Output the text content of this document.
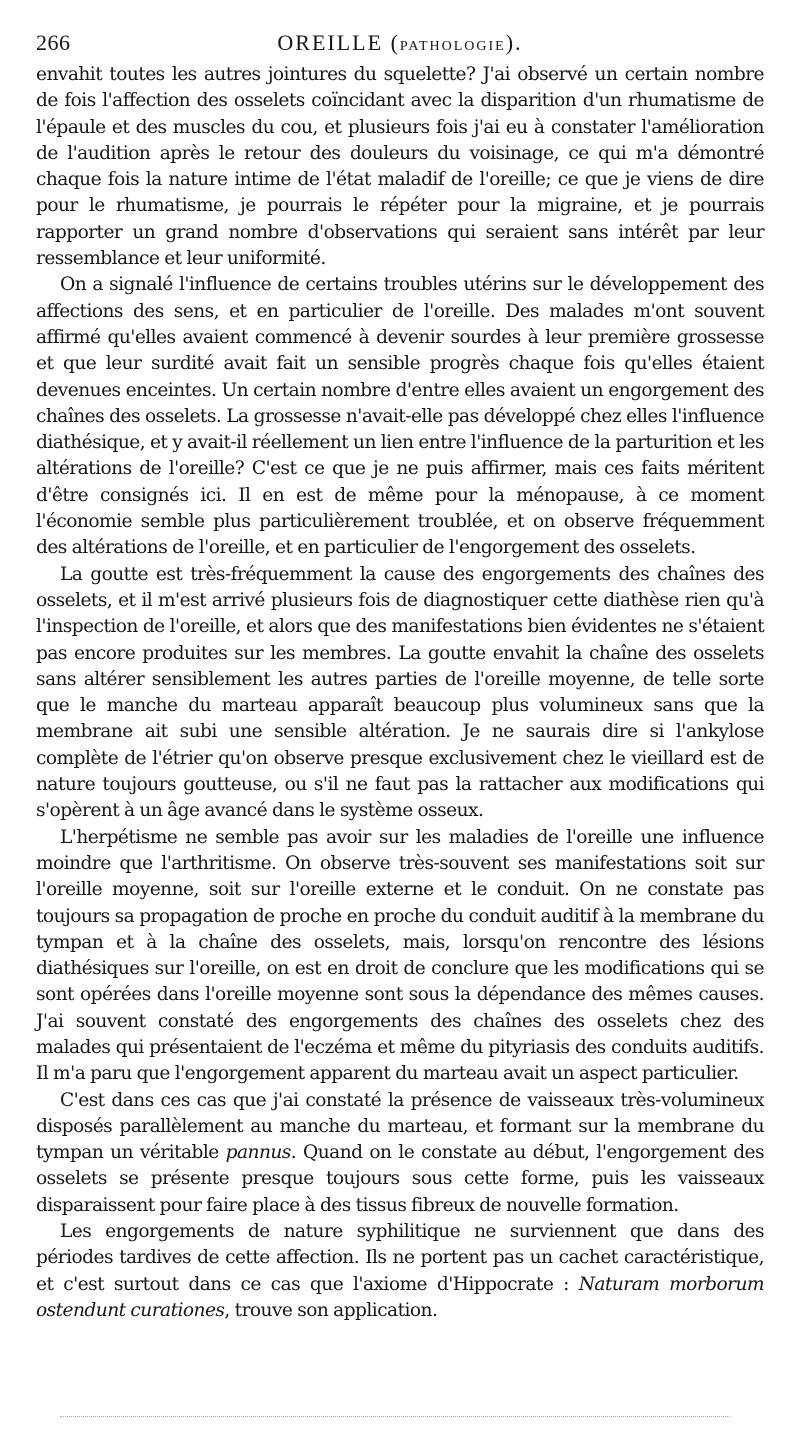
266	OREILLE (PATHOLOGIE).

envahit toutes les autres jointures du squelette? J'ai observé un certain nombre de fois l'affection des osselets coïncidant avec la disparition d'un rhumatisme de l'épaule et des muscles du cou, et plusieurs fois j'ai eu à constater l'amélioration de l'audition après le retour des douleurs du voisinage, ce qui m'a démontré chaque fois la nature intime de l'état maladif de l'oreille; ce que je viens de dire pour le rhumatisme, je pourrais le répéter pour la migraine, et je pourrais rapporter un grand nombre d'observations qui seraient sans intérêt par leur ressemblance et leur uniformité.

On a signalé l'influence de certains troubles utérins sur le développement des affections des sens, et en particulier de l'oreille. Des malades m'ont souvent affirmé qu'elles avaient commencé à devenir sourdes à leur première grossesse et que leur surdité avait fait un sensible progrès chaque fois qu'elles étaient devenues enceintes. Un certain nombre d'entre elles avaient un engorgement des chaînes des osselets. La grossesse n'avait-elle pas développé chez elles l'influence diathésique, et y avait-il réellement un lien entre l'influence de la parturition et les altérations de l'oreille? C'est ce que je ne puis affirmer, mais ces faits méritent d'être consignés ici. Il en est de même pour la ménopause, à ce moment l'économie semble plus particulièrement troublée, et on observe fréquemment des altérations de l'oreille, et en particulier de l'engorgement des osselets.

La goutte est très-fréquemment la cause des engorgements des chaînes des osselets, et il m'est arrivé plusieurs fois de diagnostiquer cette diathèse rien qu'à l'inspection de l'oreille, et alors que des manifestations bien évidentes ne s'étaient pas encore produites sur les membres. La goutte envahit la chaîne des osselets sans altérer sensiblement les autres parties de l'oreille moyenne, de telle sorte que le manche du marteau apparaît beaucoup plus volumineux sans que la membrane ait subi une sensible altération. Je ne saurais dire si l'ankylose complète de l'étrier qu'on observe presque exclusivement chez le vieillard est de nature toujours goutteuse, ou s'il ne faut pas la rattacher aux modifications qui s'opèrent à un âge avancé dans le système osseux.

L'herpétisme ne semble pas avoir sur les maladies de l'oreille une influence moindre que l'arthritisme. On observe très-souvent ses manifestations soit sur l'oreille moyenne, soit sur l'oreille externe et le conduit. On ne constate pas toujours sa propagation de proche en proche du conduit auditif à la membrane du tympan et à la chaîne des osselets, mais, lorsqu'on rencontre des lésions diathésiques sur l'oreille, on est en droit de conclure que les modifications qui se sont opérées dans l'oreille moyenne sont sous la dépendance des mêmes causes. J'ai souvent constaté des engorgements des chaînes des osselets chez des malades qui présentaient de l'eczéma et même du pityriasis des conduits auditifs. Il m'a paru que l'engorgement apparent du marteau avait un aspect particulier.

C'est dans ces cas que j'ai constaté la présence de vaisseaux très-volumineux disposés parallèlement au manche du marteau, et formant sur la membrane du tympan un véritable pannus. Quand on le constate au début, l'engorgement des osselets se présente presque toujours sous cette forme, puis les vaisseaux disparaissent pour faire place à des tissus fibreux de nouvelle formation.

Les engorgements de nature syphilitique ne surviennent que dans des périodes tardives de cette affection. Ils ne portent pas un cachet caractéristique, et c'est surtout dans ce cas que l'axiome d'Hippocrate : Naturam morborum ostendunt curationes, trouve son application.
